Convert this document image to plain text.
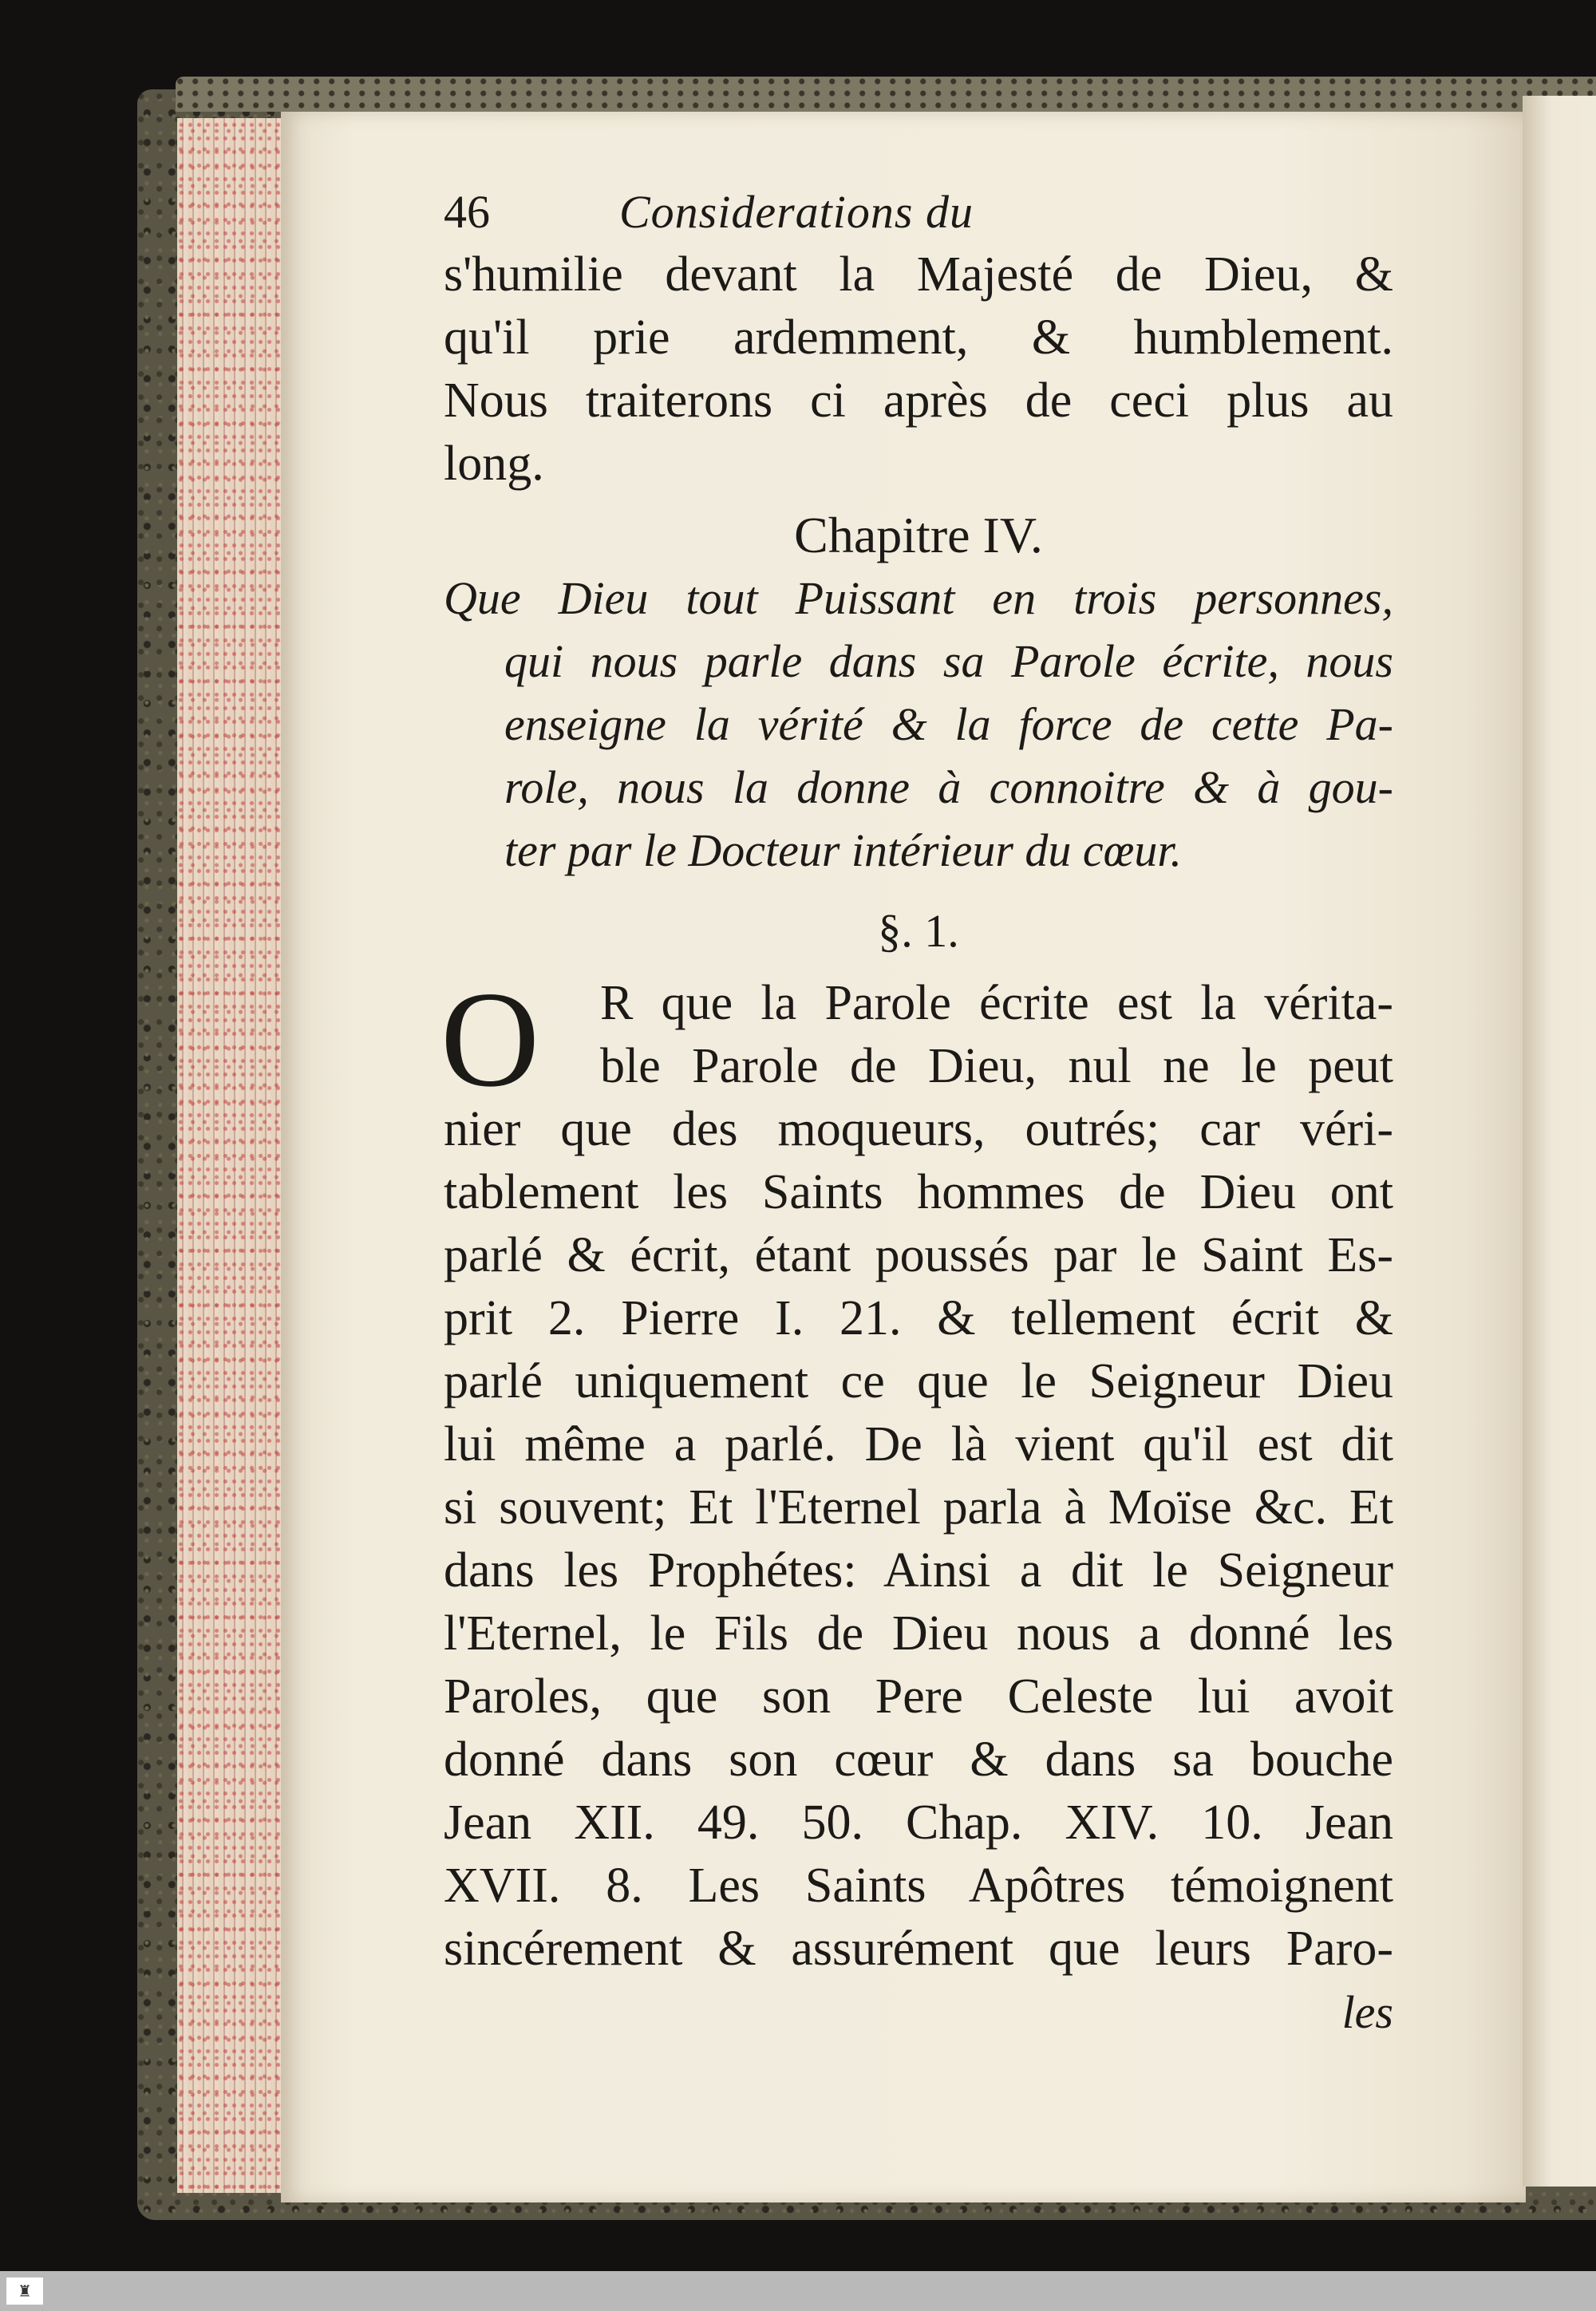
46	Considerations du
s'humilie devant la Majesté de Dieu, &
qu'il prie ardemment, & humblement.
Nous traiterons ci après de ceci plus au
long.
Chapitre IV.
Que Dieu tout Puissant en trois personnes,
qui nous parle dans sa Parole écrite, nous
enseigne la vérité & la force de cette Pa-
role, nous la donne à connoitre & à gou-
ter par le Docteur intérieur du cœur.
§. 1.
O	R que la Parole écrite est la vérita-
ble Parole de Dieu, nul ne le peut
nier que des moqueurs, outrés; car véri-
tablement les Saints hommes de Dieu ont
parlé & écrit, étant poussés par le Saint Es-
prit 2. Pierre I. 21. & tellement écrit &
parlé uniquement ce que le Seigneur Dieu
lui même a parlé. De là vient qu'il est dit
si souvent; Et l'Eternel parla à Moïse &c. Et
dans les Prophétes: Ainsi a dit le Seigneur
l'Eternel, le Fils de Dieu nous a donné les
Paroles, que son Pere Celeste lui avoit
donné dans son cœur & dans sa bouche
Jean XII. 49. 50. Chap. XIV. 10. Jean
XVII. 8. Les Saints Apôtres témoignent
sincérement & assurément que leurs Paro-
les
♜
